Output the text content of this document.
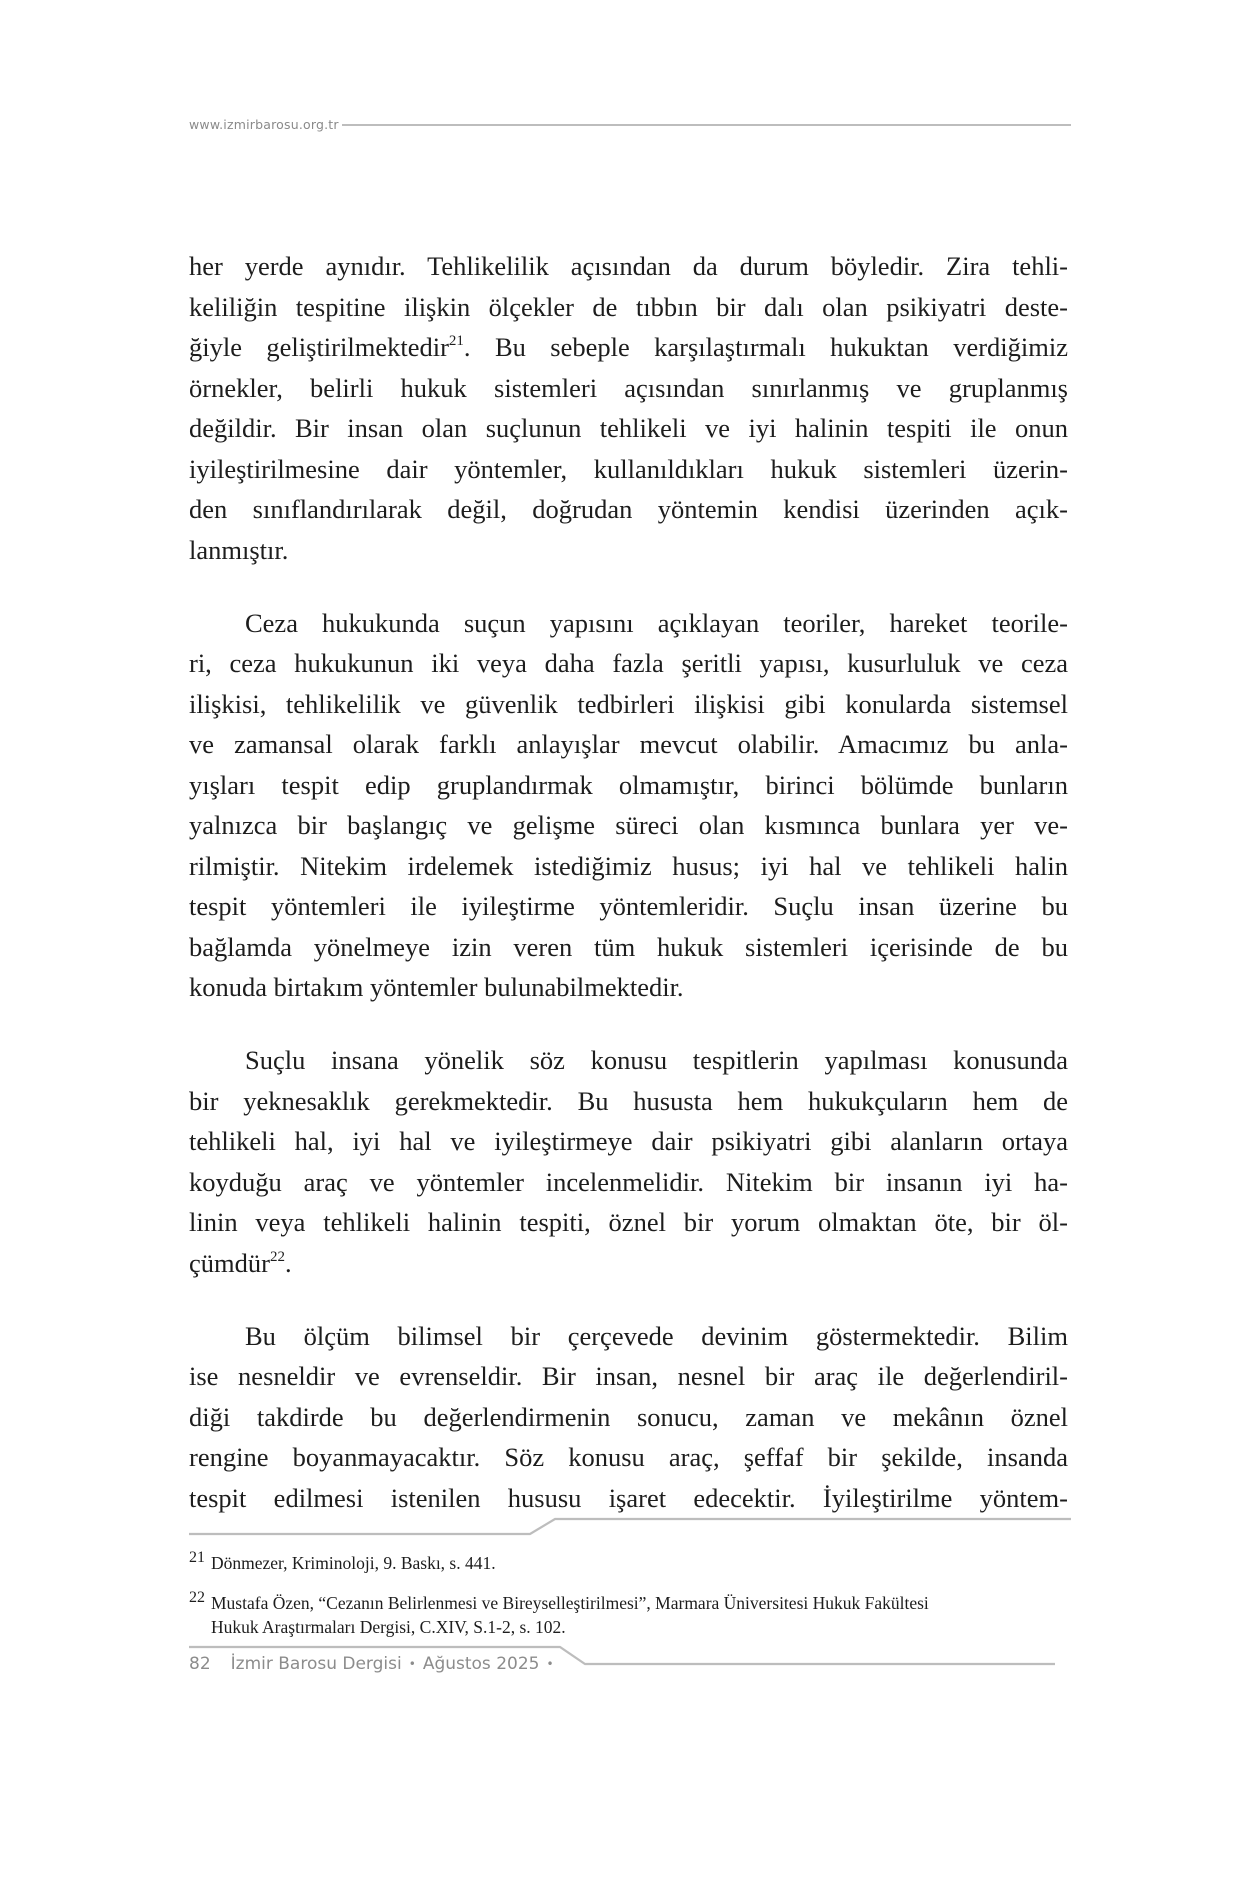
www.izmirbarosu.org.tr

her yerde aynıdır. Tehlikelilik açısından da durum böyledir. Zira tehli-
keliliğin tespitine ilişkin ölçekler de tıbbın bir dalı olan psikiyatri deste-
ğiyle geliştirilmektedir$^{21}$. Bu sebeple karşılaştırmalı hukuktan verdiğimiz
örnekler, belirli hukuk sistemleri açısından sınırlanmış ve gruplanmış
değildir. Bir insan olan suçlunun tehlikeli ve iyi halinin tespiti ile onun
iyileştirilmesine dair yöntemler, kullanıldıkları hukuk sistemleri üzerin-
den sınıflandırılarak değil, doğrudan yöntemin kendisi üzerinden açık-
lanmıştır.

Ceza hukukunda suçun yapısını açıklayan teoriler, hareket teorile-
ri, ceza hukukunun iki veya daha fazla şeritli yapısı, kusurluluk ve ceza
ilişkisi, tehlikelilik ve güvenlik tedbirleri ilişkisi gibi konularda sistemsel
ve zamansal olarak farklı anlayışlar mevcut olabilir. Amacımız bu anla-
yışları tespit edip gruplandırmak olmamıştır, birinci bölümde bunların
yalnızca bir başlangıç ve gelişme süreci olan kısmınca bunlara yer ve-
rilmiştir. Nitekim irdelemek istediğimiz husus; iyi hal ve tehlikeli halin
tespit yöntemleri ile iyileştirme yöntemleridir. Suçlu insan üzerine bu
bağlamda yönelmeye izin veren tüm hukuk sistemleri içerisinde de bu
konuda birtakım yöntemler bulunabilmektedir.

Suçlu insana yönelik söz konusu tespitlerin yapılması konusunda
bir yeknesaklık gerekmektedir. Bu hususta hem hukukçuların hem de
tehlikeli hal, iyi hal ve iyileştirmeye dair psikiyatri gibi alanların ortaya
koyduğu araç ve yöntemler incelenmelidir. Nitekim bir insanın iyi ha-
linin veya tehlikeli halinin tespiti, öznel bir yorum olmaktan öte, bir öl-
çümdür$^{22}$.

Bu ölçüm bilimsel bir çerçevede devinim göstermektedir. Bilim
ise nesneldir ve evrenseldir. Bir insan, nesnel bir araç ile değerlendiril-
diği takdirde bu değerlendirmenin sonucu, zaman ve mekânın öznel
rengine boyanmayacaktır. Söz konusu araç, şeffaf bir şekilde, insanda
tespit edilmesi istenilen hususu işaret edecektir. İyileştirilme yöntem-

21 Dönmezer, Kriminoloji, 9. Baskı, s. 441.
22 Mustafa Özen, “Cezanın Belirlenmesi ve Bireyselleştirilmesi”, Marmara Üniversitesi Hukuk Fakültesi
Hukuk Araştırmaları Dergisi, C.XIV, S.1-2, s. 102.
82 İzmir Barosu Dergisi • Ağustos 2025 •
